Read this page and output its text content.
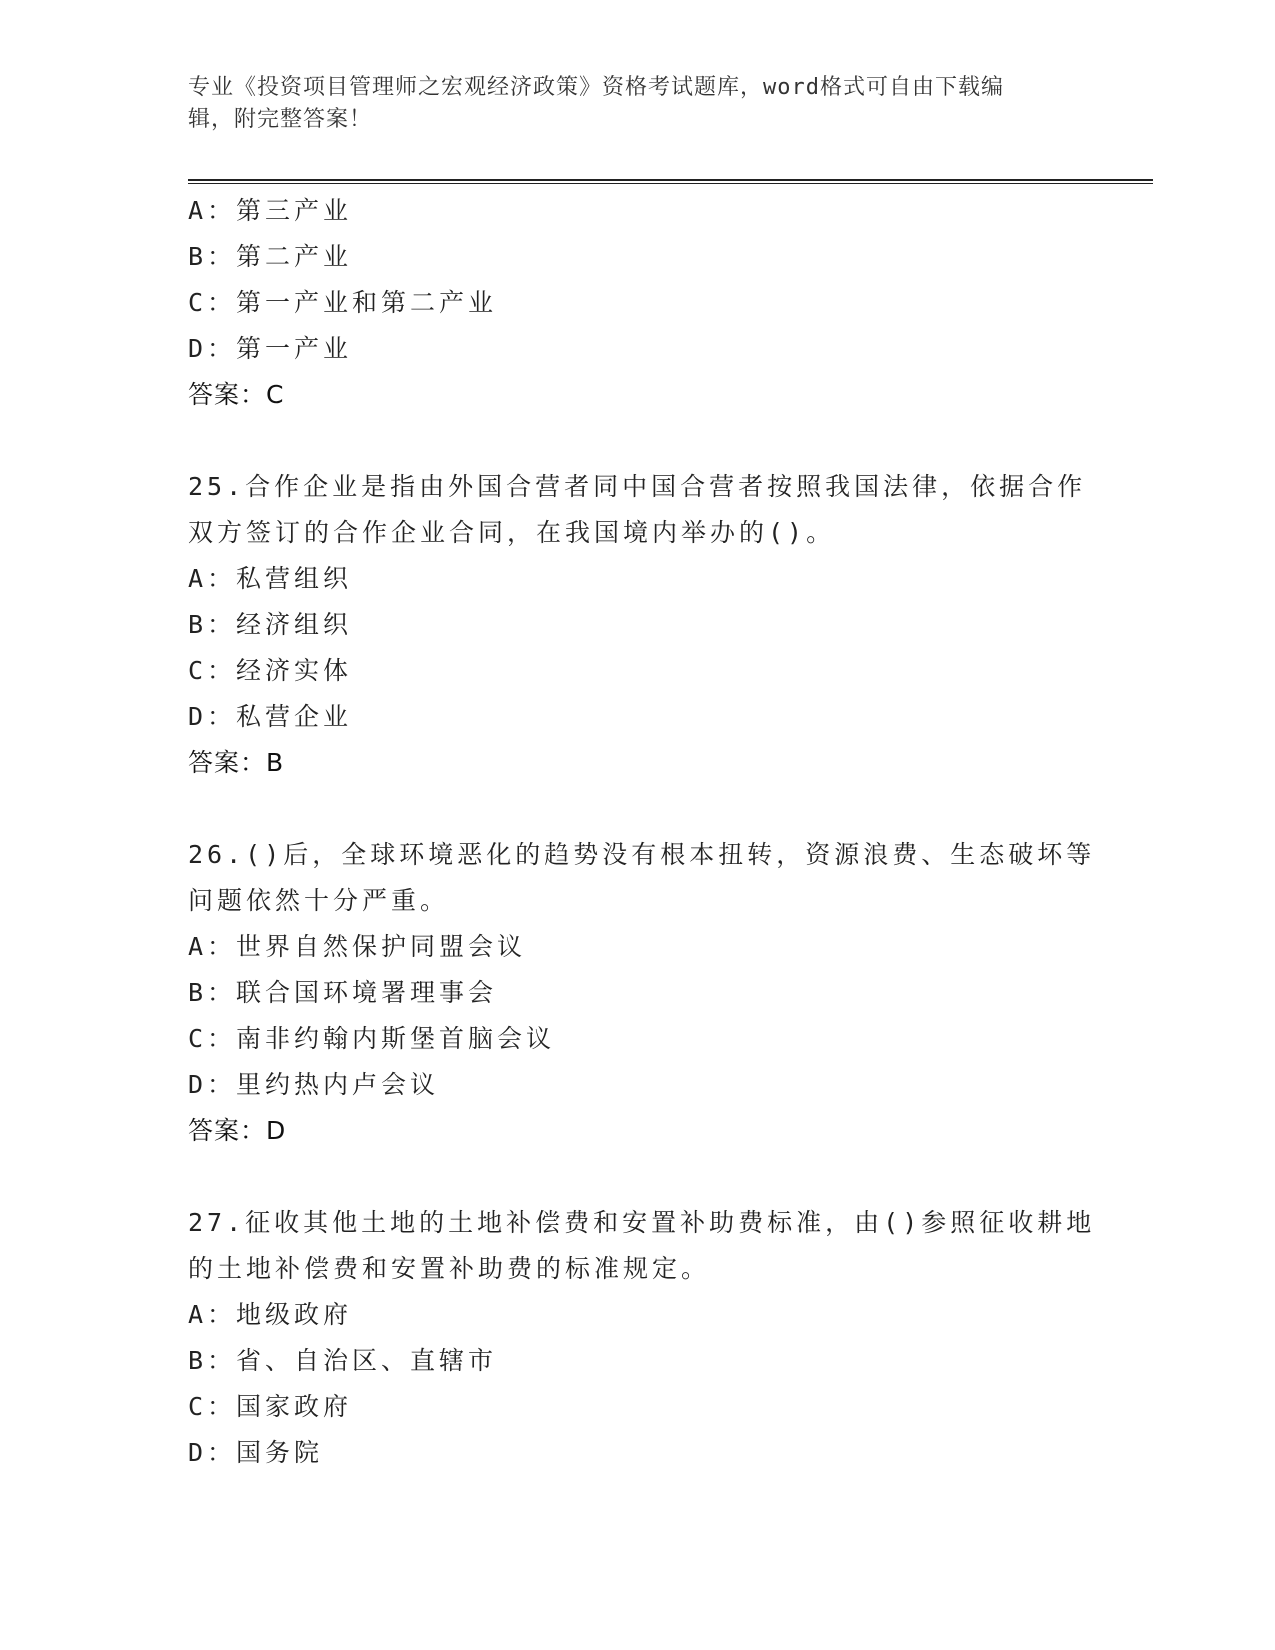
专业《投资项目管理师之宏观经济政策》资格考试题库，word格式可自由下载编
辑，附完整答案！
A：第三产业
B：第二产业
C：第一产业和第二产业
D：第一产业
答案：C
25.合作企业是指由外国合营者同中国合营者按照我国法律，依据合作
双方签订的合作企业合同，在我国境内举办的()。
A：私营组织
B：经济组织
C：经济实体
D：私营企业
答案：B
26.()后，全球环境恶化的趋势没有根本扭转，资源浪费、生态破坏等
问题依然十分严重。
A：世界自然保护同盟会议
B：联合国环境署理事会
C：南非约翰内斯堡首脑会议
D：里约热内卢会议
答案：D
27.征收其他土地的土地补偿费和安置补助费标准，由()参照征收耕地
的土地补偿费和安置补助费的标准规定。
A：地级政府
B：省、自治区、直辖市
C：国家政府
D：国务院
